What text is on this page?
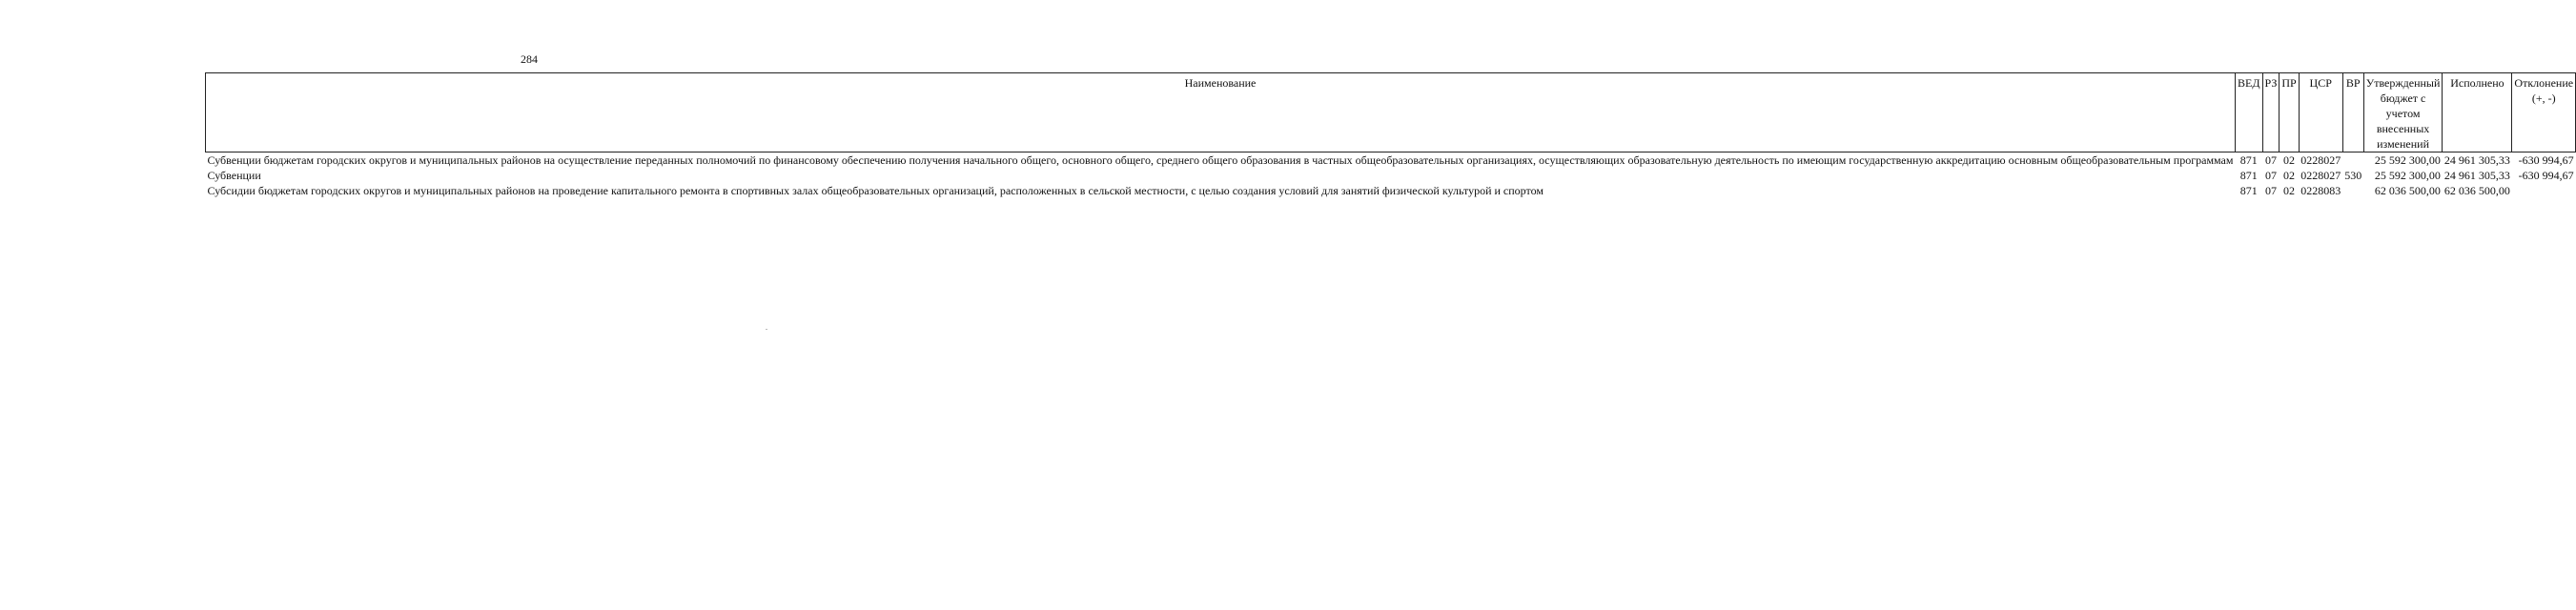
284
Наименование	ВЕД	РЗ	ПР	ЦСР	ВР	Утвержденный бюджет с учетом внесенных изменений	Исполнено	Отклонение (+, -)
Субвенции бюджетам городских округов и муниципальных районов на осуществление переданных полномочий по финансовому обеспечению получения начального общего, основного общего, среднего общего образования в частных общеобразовательных организациях, осуществляющих образовательную деятельность по имеющим государственную аккредитацию основным общеобразовательным программам	871	07	02	0228027		25 592 300,00	24 961 305,33	-630 994,67
Субвенции	871	07	02	0228027	530	25 592 300,00	24 961 305,33	-630 994,67
Субсидии бюджетам городских округов и муниципальных районов на проведение капитального ремонта в спортивных залах общеобразовательных организаций, расположенных в сельской местности, с целью создания условий для занятий физической культурой и спортом	871	07	02	0228083		62 036 500,00	62 036 500,00	
